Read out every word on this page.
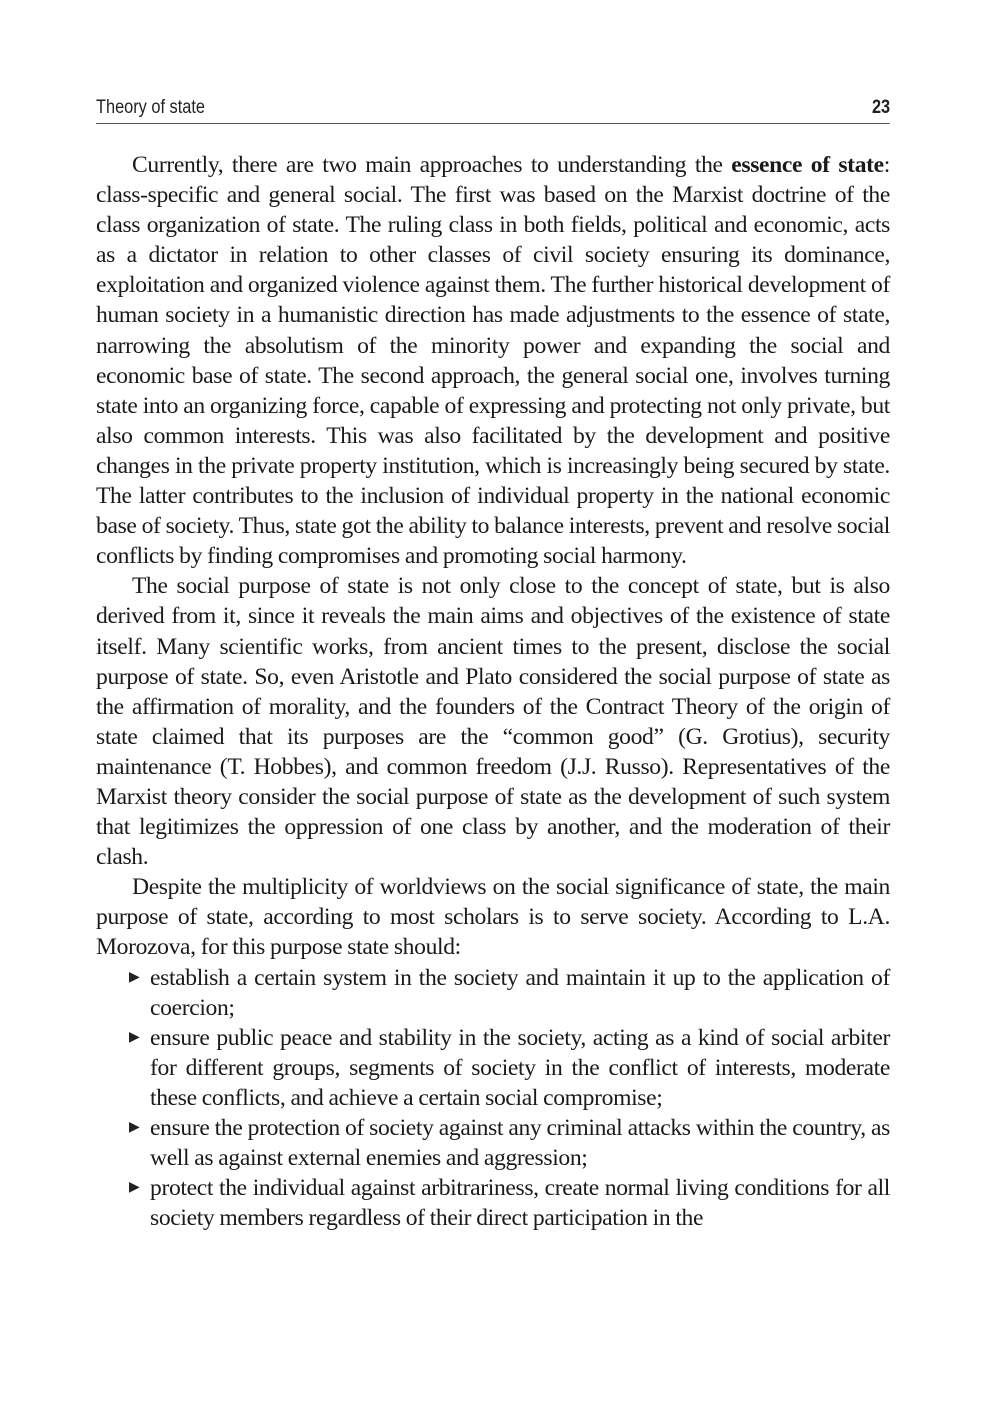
Theory of state	23

Currently, there are two main approaches to understanding the essence of state: class-specific and general social. The first was based on the Marxist doctrine of the class organization of state. The ruling class in both fields, political and economic, acts as a dictator in relation to other classes of civil society ensuring its dominance, exploitation and organized violence against them. The further historical development of human society in a humanistic direction has made adjustments to the essence of state, narrowing the absolutism of the minority power and expanding the social and economic base of state. The second approach, the general social one, involves turning state into an organizing force, capable of expressing and protecting not only private, but also common interests. This was also facilitated by the development and positive changes in the private property institution, which is increasingly being secured by state. The latter contributes to the inclusion of individual property in the national economic base of society. Thus, state got the ability to balance interests, prevent and resolve social conflicts by finding compromises and promoting social harmony.

The social purpose of state is not only close to the concept of state, but is also derived from it, since it reveals the main aims and objectives of the existence of state itself. Many scientific works, from ancient times to the present, disclose the social purpose of state. So, even Aristotle and Plato considered the social purpose of state as the affirmation of morality, and the founders of the Contract Theory of the origin of state claimed that its purposes are the “common good” (G. Grotius), security maintenance (T. Hobbes), and common freedom (J.J. Russo). Representatives of the Marxist theory consider the social purpose of state as the development of such system that legitimizes the oppression of one class by another, and the moderation of their clash.

Despite the multiplicity of worldviews on the social significance of state, the main purpose of state, according to most scholars is to serve society. According to L.A. Morozova, for this purpose state should:

▶ establish a certain system in the society and maintain it up to the application of coercion;
▶ ensure public peace and stability in the society, acting as a kind of social arbiter for different groups, segments of society in the conflict of interests, moderate these conflicts, and achieve a certain social compromise;
▶ ensure the protection of society against any criminal attacks within the country, as well as against external enemies and aggression;
▶ protect the individual against arbitrariness, create normal living conditions for all society members regardless of their direct participation in the
